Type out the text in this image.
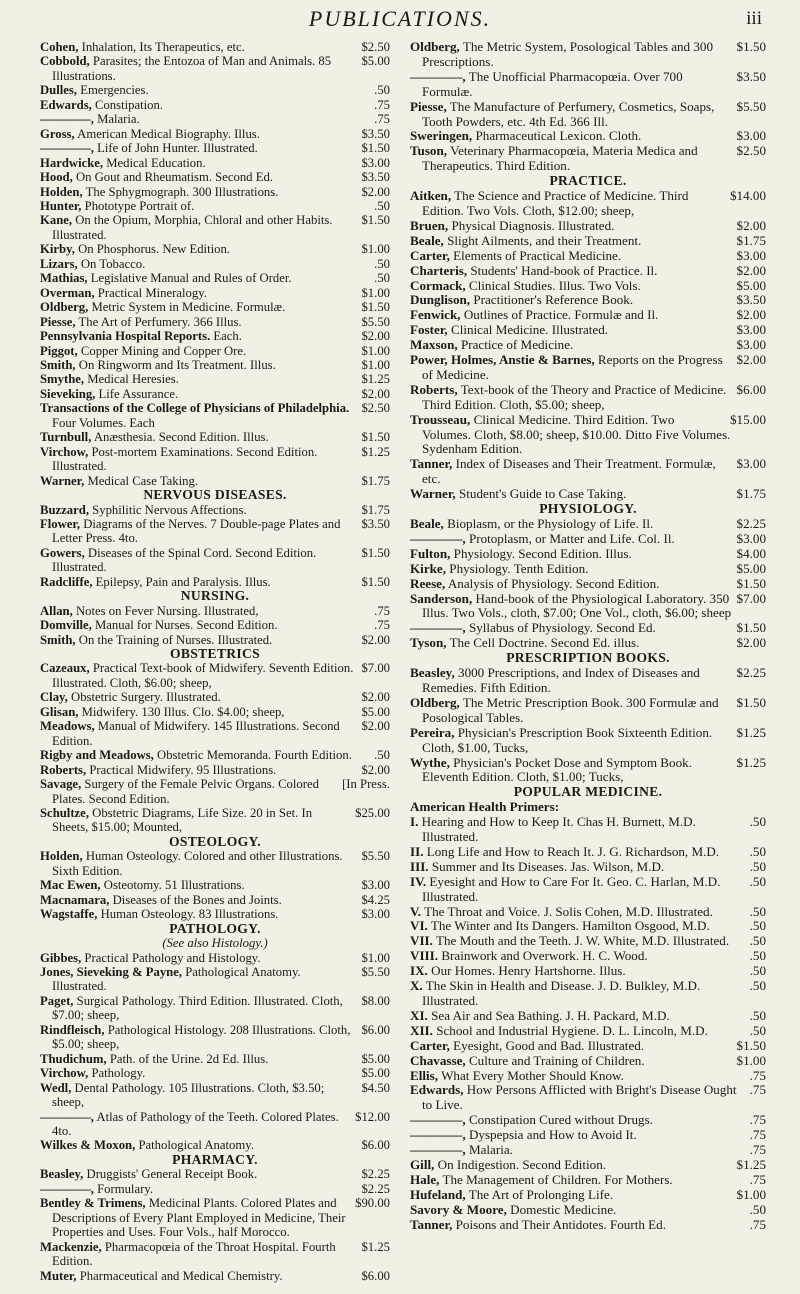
PUBLICATIONS.	iii

$2.50
Cohen, Inhalation, Its Therapeutics, etc.

$5.00
Cobbold, Parasites; the Entozoa of Man and Animals. 85 Illustrations.

.50
Dulles, Emergencies.

.75
Edwards, Constipation.

.75
————, Malaria.

$3.50
Gross, American Medical Biography. Illus.

$1.50
————, Life of John Hunter. Illustrated.

$3.00
Hardwicke, Medical Education.

$3.50
Hood, On Gout and Rheumatism. Second Ed.

$2.00
Holden, The Sphygmograph. 300 Illustrations.

.50
Hunter, Phototype Portrait of.

$1.50
Kane, On the Opium, Morphia, Chloral and other Habits. Illustrated.

$1.00
Kirby, On Phosphorus. New Edition.

.50
Lizars, On Tobacco.

.50
Mathias, Legislative Manual and Rules of Order.

$1.00
Overman, Practical Mineralogy.

$1.50
Oldberg, Metric System in Medicine. Formulæ.

$5.50
Piesse, The Art of Perfumery. 366 Illus.

$2.00
Pennsylvania Hospital Reports. Each.

$1.00
Piggot, Copper Mining and Copper Ore.

$1.00
Smith, On Ringworm and Its Treatment. Illus.

$1.25
Smythe, Medical Heresies.

$2.00
Sieveking, Life Assurance.

$2.50
Transactions of the College of Physicians of Philadelphia. Four Volumes. Each

$1.50
Turnbull, Anæsthesia. Second Edition. Illus.

$1.25
Virchow, Post-mortem Examinations. Second Edition. Illustrated.

$1.75
Warner, Medical Case Taking.

NERVOUS DISEASES.

$1.75
Buzzard, Syphilitic Nervous Affections.

$3.50
Flower, Diagrams of the Nerves. 7 Double-page Plates and Letter Press. 4to.

$1.50
Gowers, Diseases of the Spinal Cord. Second Edition. Illustrated.

$1.50
Radcliffe, Epilepsy, Pain and Paralysis. Illus.

NURSING.

.75
Allan, Notes on Fever Nursing. Illustrated,

.75
Domville, Manual for Nurses. Second Edition.

$2.00
Smith, On the Training of Nurses. Illustrated.

OBSTETRICS

$7.00
Cazeaux, Practical Text-book of Midwifery. Seventh Edition. Illustrated. Cloth, $6.00; sheep,

$2.00
Clay, Obstetric Surgery. Illustrated.

$5.00
Glisan, Midwifery. 130 Illus. Clo. $4.00; sheep,

$2.00
Meadows, Manual of Midwifery. 145 Illustrations. Second Edition.

.50
Rigby and Meadows, Obstetric Memoranda. Fourth Edition.

$2.00
Roberts, Practical Midwifery. 95 Illustrations.

[In Press.
Savage, Surgery of the Female Pelvic Organs. Colored Plates. Second Edition.

$25.00
Schultze, Obstetric Diagrams, Life Size. 20 in Set. In Sheets, $15.00; Mounted,

OSTEOLOGY.

$5.50
Holden, Human Osteology. Colored and other Illustrations. Sixth Edition.

$3.00
Mac Ewen, Osteotomy. 51 Illustrations.

$4.25
Macnamara, Diseases of the Bones and Joints.

$3.00
Wagstaffe, Human Osteology. 83 Illustrations.

PATHOLOGY.

(See also Histology.)

$1.00
Gibbes, Practical Pathology and Histology.

$5.50
Jones, Sieveking & Payne, Pathological Anatomy. Illustrated.

$8.00
Paget, Surgical Pathology. Third Edition. Illustrated. Cloth, $7.00; sheep,

$6.00
Rindfleisch, Pathological Histology. 208 Illustrations. Cloth, $5.00; sheep,

$5.00
Thudichum, Path. of the Urine. 2d Ed. Illus.

$5.00
Virchow, Pathology.

$4.50
Wedl, Dental Pathology. 105 Illustrations. Cloth, $3.50; sheep,

$12.00
————, Atlas of Pathology of the Teeth. Colored Plates. 4to.

$6.00
Wilkes & Moxon, Pathological Anatomy.

PHARMACY.

$2.25
Beasley, Druggists' General Receipt Book.

$2.25
————, Formulary.

$90.00
Bentley & Trimens, Medicinal Plants. Colored Plates and Descriptions of Every Plant Employed in Medicine, Their Properties and Uses. Four Vols., half Morocco.

$1.25
Mackenzie, Pharmacopœia of the Throat Hospital. Fourth Edition.

$6.00
Muter, Pharmaceutical and Medical Chemistry.

$1.50
Oldberg, The Metric System, Posological Tables and 300 Prescriptions.

$3.50
————, The Unofficial Pharmacopœia. Over 700 Formulæ.

$5.50
Piesse, The Manufacture of Perfumery, Cosmetics, Soaps, Tooth Powders, etc. 4th Ed. 366 Ill.

$3.00
Sweringen, Pharmaceutical Lexicon. Cloth.

$2.50
Tuson, Veterinary Pharmacopœia, Materia Medica and Therapeutics. Third Edition.

PRACTICE.

$14.00
Aitken, The Science and Practice of Medicine. Third Edition. Two Vols. Cloth, $12.00; sheep,

$2.00
Bruen, Physical Diagnosis. Illustrated.

$1.75
Beale, Slight Ailments, and their Treatment.

$3.00
Carter, Elements of Practical Medicine.

$2.00
Charteris, Students' Hand-book of Practice. Il.

$5.00
Cormack, Clinical Studies. Illus. Two Vols.

$3.50
Dunglison, Practitioner's Reference Book.

$2.00
Fenwick, Outlines of Practice. Formulæ and Il.

$3.00
Foster, Clinical Medicine. Illustrated.

$3.00
Maxson, Practice of Medicine.

$2.00
Power, Holmes, Anstie & Barnes, Reports on the Progress of Medicine.

$6.00
Roberts, Text-book of the Theory and Practice of Medicine. Third Edition. Cloth, $5.00; sheep,

$15.00
Trousseau, Clinical Medicine. Third Edition. Two Volumes. Cloth, $8.00; sheep, $10.00. Ditto Five Volumes. Sydenham Edition.

$3.00
Tanner, Index of Diseases and Their Treatment. Formulæ, etc.

$1.75
Warner, Student's Guide to Case Taking.

PHYSIOLOGY.

$2.25
Beale, Bioplasm, or the Physiology of Life. Il.

$3.00
————, Protoplasm, or Matter and Life. Col. Il.

$4.00
Fulton, Physiology. Second Edition. Illus.

$5.00
Kirke, Physiology. Tenth Edition.

$1.50
Reese, Analysis of Physiology. Second Edition.

$7.00
Sanderson, Hand-book of the Physiological Laboratory. 350 Illus. Two Vols., cloth, $7.00; One Vol., cloth, $6.00; sheep

$1.50
————, Syllabus of Physiology. Second Ed.

$2.00
Tyson, The Cell Doctrine. Second Ed. illus.

PRESCRIPTION BOOKS.

$2.25
Beasley, 3000 Prescriptions, and Index of Diseases and Remedies. Fifth Edition.

$1.50
Oldberg, The Metric Prescription Book. 300 Formulæ and Posological Tables.

$1.25
Pereira, Physician's Prescription Book Sixteenth Edition. Cloth, $1.00, Tucks,

$1.25
Wythe, Physician's Pocket Dose and Symptom Book. Eleventh Edition. Cloth, $1.00; Tucks,

POPULAR MEDICINE.

American Health Primers:

.50
I. Hearing and How to Keep It. Chas H. Burnett, M.D. Illustrated.

.50
II. Long Life and How to Reach It. J. G. Richardson, M.D.

.50
III. Summer and Its Diseases. Jas. Wilson, M.D.

.50
IV. Eyesight and How to Care For It. Geo. C. Harlan, M.D. Illustrated.

.50
V. The Throat and Voice. J. Solis Cohen, M.D. Illustrated.

.50
VI. The Winter and Its Dangers. Hamilton Osgood, M.D.

.50
VII. The Mouth and the Teeth. J. W. White, M.D. Illustrated.

.50
VIII. Brainwork and Overwork. H. C. Wood.

.50
IX. Our Homes. Henry Hartshorne. Illus.

.50
X. The Skin in Health and Disease. J. D. Bulkley, M.D. Illustrated.

.50
XI. Sea Air and Sea Bathing. J. H. Packard, M.D.

.50
XII. School and Industrial Hygiene. D. L. Lincoln, M.D.

$1.50
Carter, Eyesight, Good and Bad. Illustrated.

$1.00
Chavasse, Culture and Training of Children.

.75
Ellis, What Every Mother Should Know.

.75
Edwards, How Persons Afflicted with Bright's Disease Ought to Live.

.75
————, Constipation Cured without Drugs.

.75
————, Dyspepsia and How to Avoid It.

.75
————, Malaria.

$1.25
Gill, On Indigestion. Second Edition.

.75
Hale, The Management of Children. For Mothers.

$1.00
Hufeland, The Art of Prolonging Life.

.50
Savory & Moore, Domestic Medicine.

.75
Tanner, Poisons and Their Antidotes. Fourth Ed.
